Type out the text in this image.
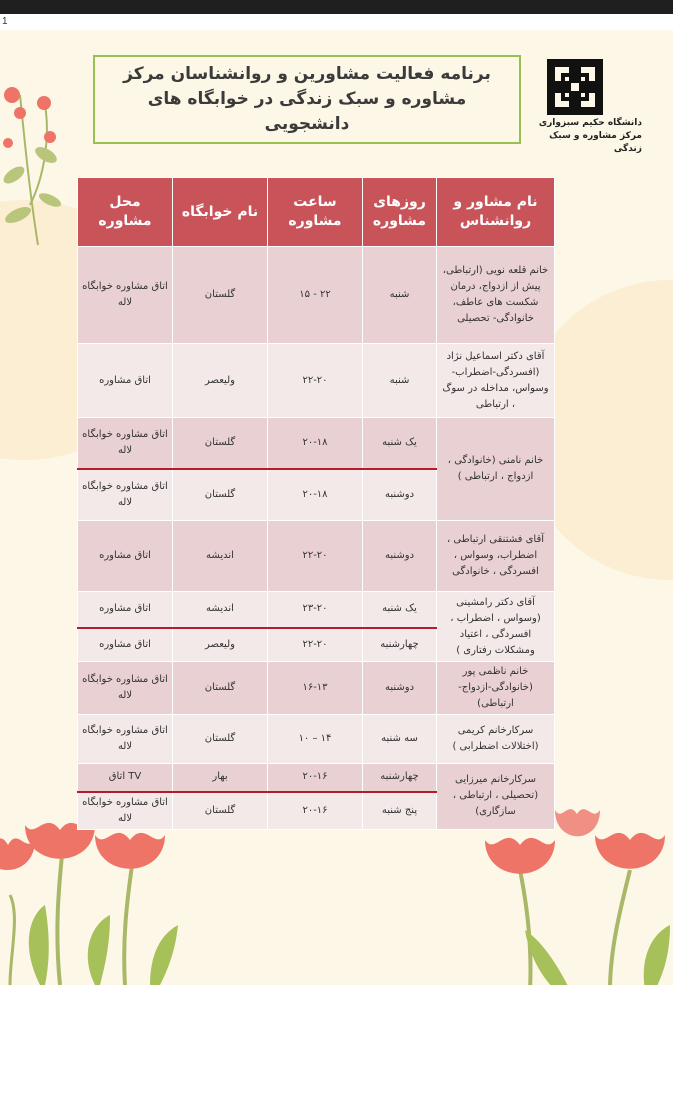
1
برنامه فعالیت مشاورین و روانشناسان مرکز مشاوره و سبک زندگی در خوابگاه های دانشجویی	دانشگاه حکیم سبزواری
مرکز مشاوره و سبک زندگی
نام مشاور و روانشناس	روزهای مشاوره	ساعت مشاوره	نام خوابگاه	محل مشاوره
خانم قلعه نویی (ارتباطی، پیش از ازدواج، درمان شکست های عاطف، خانوادگی- تحصیلی	شنبه	۲۲ - ۱۵	گلستان	اتاق مشاوره خوابگاه لاله
آقای دکتر اسماعیل نژاد (افسردگی-اضطراب- وسواس، مداخله در سوگ ، ارتباطی	شنبه	۲۲-۲۰	ولیعصر	اتاق مشاوره
خانم نامنی (خانوادگی ، ازدواج ، ارتباطی )	یک شنبه	۲۰-۱۸	گلستان	اتاق مشاوره خوابگاه لاله
	دوشنبه	۲۰-۱۸	گلستان	اتاق مشاوره خوابگاه لاله
آقای فشتنقی ارتباطی ، اضطراب، وسواس ، افسردگی ، خانوادگی	دوشنبه	۲۲-۲۰	اندیشه	اتاق مشاوره
آقای دکتر رامشینی (وسواس ، اضطراب ، افسردگی ، اعتیاد ومشکلات رفتاری )	یک شنبه	۲۳-۲۰	اندیشه	اتاق مشاوره
	چهارشنبه	۲۲-۲۰	ولیعصر	اتاق مشاوره
خانم ناظمی پور (خانوادگی-ازدواج-ارتباطی)	دوشنبه	۱۶-۱۳	گلستان	اتاق مشاوره خوابگاه لاله
سرکارخانم کریمی (اختلالات اضطرابی )	سه شنبه	۱۴ – ۱۰	گلستان	اتاق مشاوره خوابگاه لاله
سرکارخانم میرزایی (تحصیلی ، ارتباطی ، سازگاری)	چهارشنبه	۲۰-۱۶	بهار	اتاق TV
	پنج شنبه	۲۰-۱۶	گلستان	اتاق مشاوره خوابگاه لاله
